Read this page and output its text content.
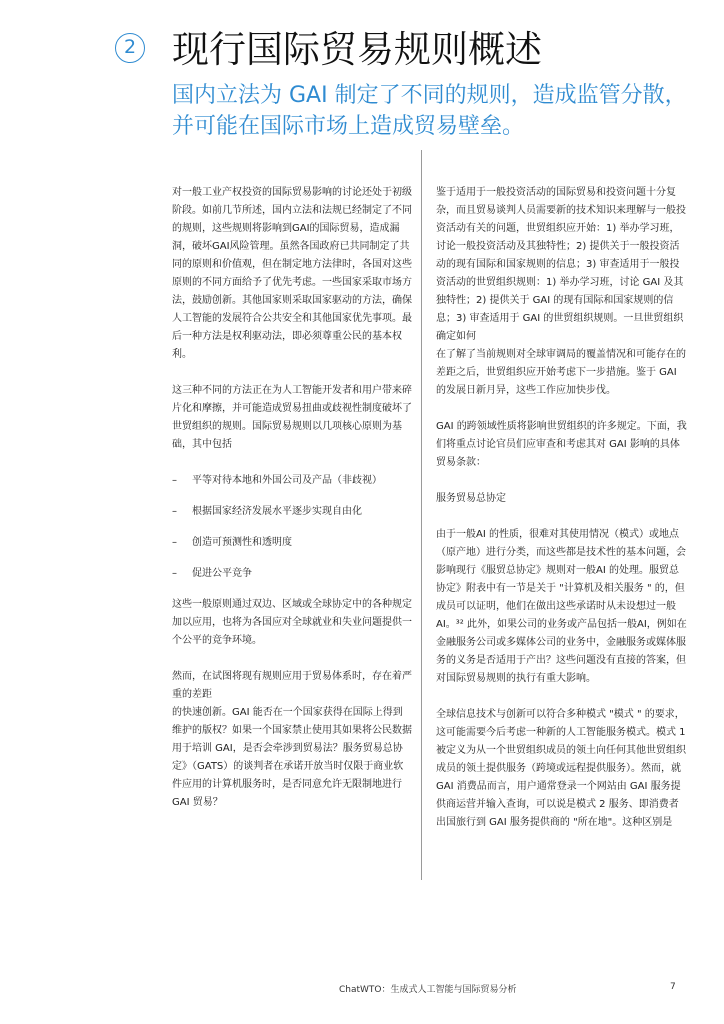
2 现行国际贸易规则概述
国内立法为 GAI 制定了不同的规则，造成监管分散，并可能在国际市场上造成贸易壁垒。

对一般工业产权投资的国际贸易影响的讨论还处于初级阶段。如前几节所述，国内立法和法规已经制定了不同的规则，这些规则将影响到GAI的国际贸易，造成漏洞，破坏GAI风险管理。虽然各国政府已共同制定了共同的原则和价值观，但在制定地方法律时，各国对这些原则的不同方面给予了优先考虑。一些国家采取市场方法，鼓励创新。其他国家则采取国家驱动的方法，确保人工智能的发展符合公共安全和其他国家优先事项。最后一种方法是权利驱动法，即必须尊重公民的基本权利。

这三种不同的方法正在为人工智能开发者和用户带来碎片化和摩擦，并可能造成贸易扭曲或歧视性制度破坏了世贸组织的规则。国际贸易规则以几项核心原则为基础，其中包括

–	平等对待本地和外国公司及产品（非歧视）
–	根据国家经济发展水平逐步实现自由化
–	创造可预测性和透明度
–	促进公平竞争

这些一般原则通过双边、区域或全球协定中的各种规定加以应用，也将为各国应对全球就业和失业问题提供一个公平的竞争环境。

然而，在试图将现有规则应用于贸易体系时，存在着严重的差距

的快速创新。GAI 能否在一个国家获得在国际上得到维护的版权？如果一个国家禁止使用其如果将公民数据用于培训 GAI，是否会牵涉到贸易法？服务贸易总协定》（GATS）的谈判者在承诺开放当时仅限于商业软件应用的计算机服务时，是否同意允许无限制地进行 GAI 贸易？

鉴于适用于一般投资活动的国际贸易和投资问题十分复杂，而且贸易谈判人员需要新的技术知识来理解与一般投资活动有关的问题，世贸组织应开始：1) 举办学习班，讨论一般投资活动及其独特性；2) 提供关于一般投资活动的现有国际和国家规则的信息；3) 审查适用于一般投资活动的世贸组织规则：1) 举办学习班，讨论 GAI 及其独特性；2) 提供关于 GAI 的现有国际和国家规则的信息；3) 审查适用于 GAI 的世贸组织规则。一旦世贸组织确定如何

在了解了当前规则对全球审调局的覆盖情况和可能存在的差距之后，世贸组织应开始考虑下一步措施。鉴于 GAI 的发展日新月异，这些工作应加快步伐。

GAI 的跨领域性质将影响世贸组织的许多规定。下面，我们将重点讨论官员们应审查和考虑其对 GAI 影响的具体贸易条款：

服务贸易总协定

由于一般AI 的性质，很难对其使用情况（模式）或地点（原产地）进行分类，而这些都是技术性的基本问题，会影响现行《服贸总协定》规则对一般AI 的处理。服贸总协定》附表中有一节是关于 "计算机及相关服务 " 的，但成员可以证明，他们在做出这些承诺时从未设想过一般AI。³² 此外，如果公司的业务或产品包括一般AI，例如在金融服务公司或多媒体公司的业务中，金融服务或媒体服务的义务是否适用于产出？这些问题没有直接的答案，但对国际贸易规则的执行有重大影响。

全球信息技术与创新可以符合多种模式 "模式 " 的要求，这可能需要今后考虑一种新的人工智能服务模式。模式 1 被定义为从一个世贸组织成员的领土向任何其他世贸组织成员的领土提供服务（跨境或远程提供服务）。然而，就 GAI 消费品而言，用户通常登录一个网站由 GAI 服务提供商运营并输入查询，可以说是模式 2 服务、即消费者出国旅行到 GAI 服务提供商的 "所在地"。这种区别是

ChatWTO：生成式人工智能与国际贸易分析	7
